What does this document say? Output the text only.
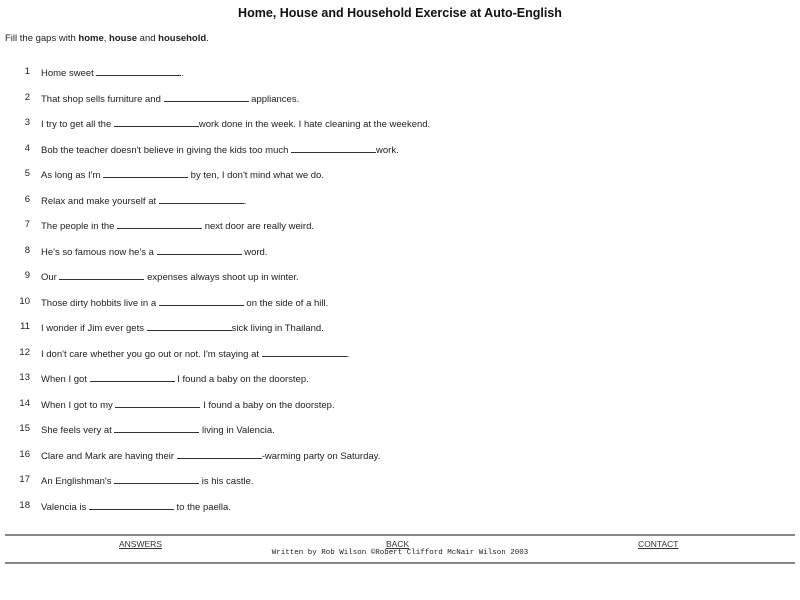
Home, House and Household Exercise at Auto-English
Fill the gaps with home, house and household.
1	Home sweet	.
2	That shop sells furniture and	appliances.
3	I try to get all the	work done in the week. I hate cleaning at the weekend.
4	Bob the teacher doesn't believe in giving the kids too much	work.
5	As long as I'm	by ten, I don't mind what we do.
6	Relax and make yourself at	.
7	The people in the	next door are really weird.
8	He's so famous now he's a	word.
9	Our	expenses always shoot up in winter.
10	Those dirty hobbits live in a	on the side of a hill.
11	I wonder if Jim ever gets	sick living in Thailand.
12	I don't care whether you go out or not. I'm staying at	.
13	When I got	I found a baby on the doorstep.
14	When I got to my	I found a baby on the doorstep.
15	She feels very at	living in Valencia.
16	Clare and Mark are having their	-warming party on Saturday.
17	An Englishman's	is his castle.
18	Valencia is	to the paella.
ANSWERS	BACK	CONTACT
Written by Rob Wilson ©Robert Clifford McNair Wilson 2003
